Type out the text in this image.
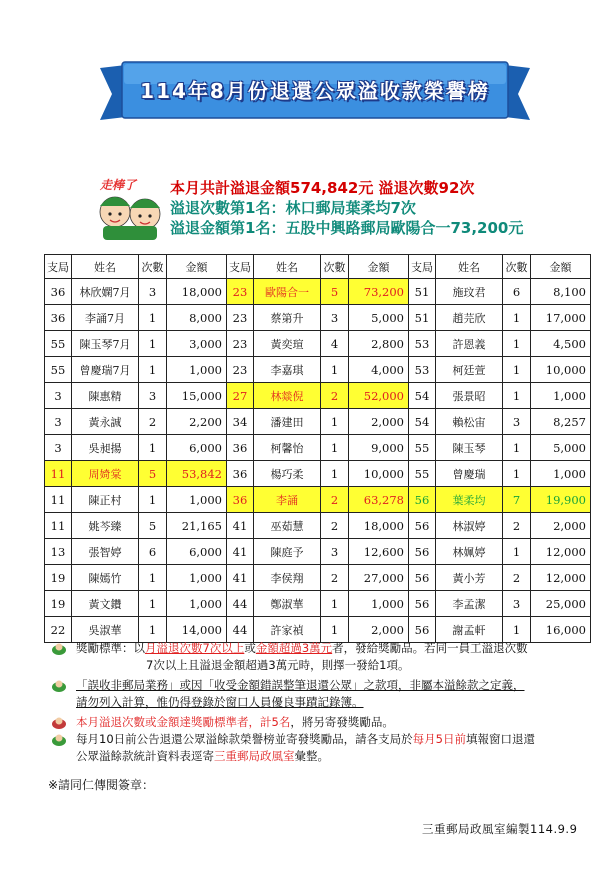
114年8月份退還公眾溢收款榮譽榜
走棒了 本月共計溢退金額574,842元 溢退次數92次
溢退次數第1名：林口郵局葉柔均7次
溢退金額第1名：五股中興路郵局歐陽合一73,200元
支局	姓名	次數	金額	支局	姓名	次數	金額	支局	姓名	次數	金額
36	林欣嫻7月	3	18,000	23	歐陽合一	5	73,200	51	施玟君	6	8,100
36	李誦7月	1	8,000	23	蔡第升	3	5,000	51	趙芫欣	1	17,000
55	陳玉琴7月	1	3,000	23	黃奕瑄	4	2,800	53	許恩義	1	4,500
55	曾慶瑞7月	1	1,000	23	李嘉琪	1	4,000	53	柯廷萱	1	10,000
3	陳惠精	3	15,000	27	林燚倪	2	52,000	54	張景昭	1	1,000
3	黃永誠	2	2,200	34	潘建田	1	2,000	54	賴松宙	3	8,257
3	吳昶揚	1	6,000	36	柯馨怡	1	9,000	55	陳玉琴	1	5,000
11	周婍棠	5	53,842	36	楊巧柔	1	10,000	55	曾慶瑞	1	1,000
11	陳正村	1	1,000	36	李誦	2	63,278	56	葉柔均	7	19,900
11	姚芩臻	5	21,165	41	巫茹慧	2	18,000	56	林淑婷	2	2,000
13	張智婷	6	6,000	41	陳庭予	3	12,600	56	林姵婷	1	12,000
19	陳嫣竹	1	1,000	41	李侯翔	2	27,000	56	黃小芳	2	12,000
19	黃文鑽	1	1,000	44	鄭淑華	1	1,000	56	李孟潔	3	25,000
22	吳淑華	1	14,000	44	許家禎	1	2,000	56	謝孟軒	1	16,000
獎勵標準：以月溢退次數7次以上或金額超過3萬元者，發給獎勵品。若同一員工溢退次數
7次以上且溢退金額超過3萬元時，則擇一發給1項。
「誤收非郵局業務」或因「收受金額錯誤整筆退還公眾」之款項，非屬本溢餘款之定義，
請勿列入計算，惟仍得登錄於窗口人員優良事蹟記錄簿。
本月溢退次數或金額達獎勵標準者，計5名，將另寄發獎勵品。
每月10日前公告退還公眾溢餘款榮譽榜並寄發獎勵品，請各支局於每月5日前填報窗口退還
公眾溢餘款統計資料表逕寄三重郵局政風室彙整。
※請同仁傳閱簽章：
三重郵局政風室編製114.9.9
